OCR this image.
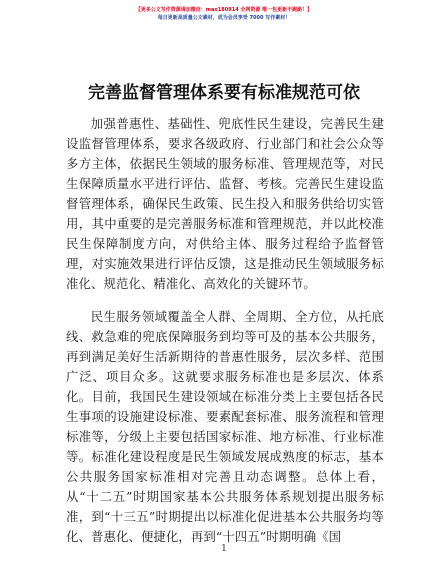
【更多公文写作资源请加微信：mao180914 全网资源 唯一包更新不跑路！】
每日更新高质量公文素材，成为会员享受 7000 写作素材！
完善监督管理体系要有标准规范可依

加强普惠性、基础性、兜底性民生建设，完善民生建设监督管理体系，要求各级政府、行业部门和社会公众等多方主体，依据民生领域的服务标准、管理规范等，对民生保障质量水平进行评估、监督、考核。完善民生建设监督管理体系，确保民生政策、民生投入和服务供给切实管用，其中重要的是完善服务标准和管理规范，并以此校准民生保障制度方向，对供给主体、服务过程给予监督管理，对实施效果进行评估反馈，这是推动民生领域服务标准化、规范化、精准化、高效化的关键环节。

民生服务领域覆盖全人群、全周期、全方位，从托底线、救急难的兜底保障服务到均等可及的基本公共服务，再到满足美好生活新期待的普惠性服务，层次多样、范围广泛、项目众多。这就要求服务标准也是多层次、体系化。目前，我国民生建设领域在标准分类上主要包括各民生事项的设施建设标准、要素配套标准、服务流程和管理标准等，分级上主要包括国家标准、地方标准、行业标准等。标准化建设程度是民生领域发展成熟度的标志，基本公共服务国家标准相对完善且动态调整。总体上看，从“十二五”时期国家基本公共服务体系规划提出服务标准，到“十三五”时期提出以标准化促进基本公共服务均等化、普惠化、便捷化，再到“十四五”时期明确《国

1
